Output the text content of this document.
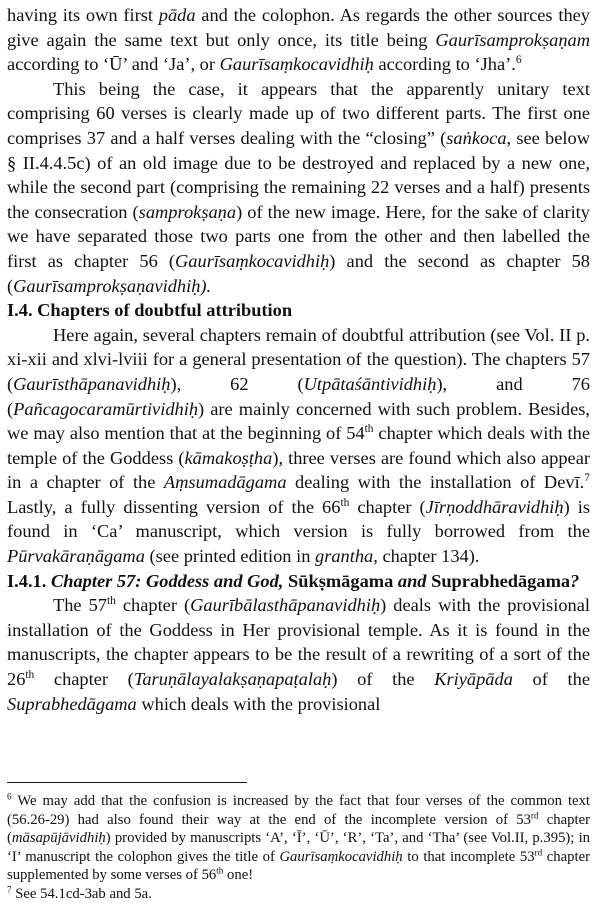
having its own first pāda and the colophon. As regards the other sources they give again the same text but only once, its title being Gaurīsamprokṣaṇam according to ‘Ū’ and ‘Ja’, or Gaurīsaṃkocavidhiḥ according to ‘Jha’.$^6$

This being the case, it appears that the apparently unitary text comprising 60 verses is clearly made up of two different parts. The first one comprises 37 and a half verses dealing with the “closing” (saṅkoca, see below § II.4.4.5c) of an old image due to be destroyed and replaced by a new one, while the second part (comprising the remaining 22 verses and a half) presents the consecration (samprokṣaṇa) of the new image. Here, for the sake of clarity we have separated those two parts one from the other and then labelled the first as chapter 56 (Gaurīsaṃkocavidhiḥ) and the second as chapter 58 (Gaurīsamprokṣaṇavidhiḥ).

I.4. Chapters of doubtful attribution

Here again, several chapters remain of doubtful attribution (see Vol. II p. xi-xii and xlvi-lviii for a general presentation of the question). The chapters 57 (Gaurīsthāpanavidhiḥ), 62 (Utpātaśāntividhiḥ), and 76 (Pañcagocaramūrtividhiḥ) are mainly concerned with such problem. Besides, we may also mention that at the beginning of 54th chapter which deals with the temple of the Goddess (kāmakoṣṭha), three verses are found which also appear in a chapter of the Aṃsumadāgama dealing with the installation of Devī.$^7$ Lastly, a fully dissenting version of the 66th chapter (Jīrṇoddhāravidhiḥ) is found in ‘Ca’ manuscript, which version is fully borrowed from the Pūrvakāraṇāgama (see printed edition in grantha, chapter 134).

I.4.1. Chapter 57: Goddess and God, Sūkṣmāgama and Suprabhedāgama?

The 57th chapter (Gaurībālasthāpanavidhiḥ) deals with the provisional installation of the Goddess in Her provisional temple. As it is found in the manuscripts, the chapter appears to be the result of a rewriting of a sort of the 26th chapter (Taruṇālayalakṣaṇapaṭalaḥ) of the Kriyāpāda of the Suprabhedāgama which deals with the provisional

$^6$ We may add that the confusion is increased by the fact that four verses of the common text (56.26-29) had also found their way at the end of the incomplete version of 53rd chapter (māsapūjāvidhiḥ) provided by manuscripts ‘A’, ‘Ī’, ‘Ū’, ‘R’, ‘Ta’, and ‘Tha’ (see Vol.II, p.395); in ‘I’ manuscript the colophon gives the title of Gaurīsaṃkocavidhiḥ to that incomplete 53rd chapter supplemented by some verses of 56th one!

$^7$ See 54.1cd-3ab and 5a.
